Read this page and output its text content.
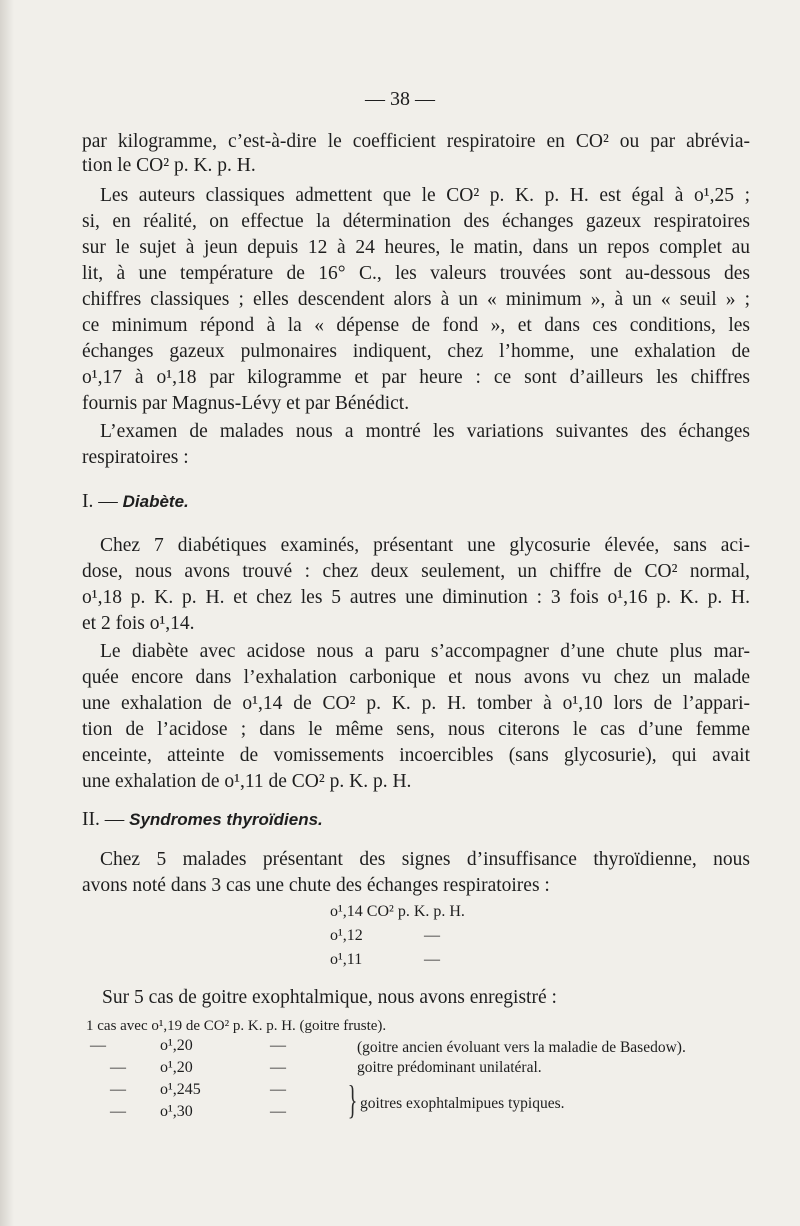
— 38 —
par kilogramme, c’est-à-dire le coefficient respiratoire en CO² ou par abrévia-
tion le CO² p. K. p. H.
Les auteurs classiques admettent que le CO² p. K. p. H. est égal à o¹,25 ;
si, en réalité, on effectue la détermination des échanges gazeux respiratoires
sur le sujet à jeun depuis 12 à 24 heures, le matin, dans un repos complet au
lit, à une température de 16° C., les valeurs trouvées sont au-dessous des
chiffres classiques ; elles descendent alors à un « minimum », à un « seuil » ;
ce minimum répond à la « dépense de fond », et dans ces conditions, les
échanges gazeux pulmonaires indiquent, chez l’homme, une exhalation de
o¹,17 à o¹,18 par kilogramme et par heure : ce sont d’ailleurs les chiffres
fournis par Magnus-Lévy et par Bénédict.
L’examen de malades nous a montré les variations suivantes des échanges
respiratoires :
I. — Diabète.
Chez 7 diabétiques examinés, présentant une glycosurie élevée, sans aci-
dose, nous avons trouvé : chez deux seulement, un chiffre de CO² normal,
o¹,18 p. K. p. H. et chez les 5 autres une diminution : 3 fois o¹,16 p. K. p. H.
et 2 fois o¹,14.
Le diabète avec acidose nous a paru s’accompagner d’une chute plus mar-
quée encore dans l’exhalation carbonique et nous avons vu chez un malade
une exhalation de o¹,14 de CO² p. K. p. H. tomber à o¹,10 lors de l’appari-
tion de l’acidose ; dans le même sens, nous citerons le cas d’une femme
enceinte, atteinte de vomissements incoercibles (sans glycosurie), qui avait
une exhalation de o¹,11 de CO² p. K. p. H.
II. — Syndromes thyroïdiens.
Chez 5 malades présentant des signes d’insuffisance thyroïdienne, nous
avons noté dans 3 cas une chute des échanges respiratoires :
o¹,14 CO² p. K. p. H.
o¹,12	—
o¹,11	—
Sur 5 cas de goitre exophtalmique, nous avons enregistré :
1 cas avec o¹,19 de CO² p. K. p. H. (goitre fruste).
—	o¹,20	—	(goitre ancien évoluant vers la maladie de Basedow).
— o¹,20	—	goitre prédominant unilatéral.
— o¹,245	—
— o¹,30	— } goitres exophtalmipues typiques.
